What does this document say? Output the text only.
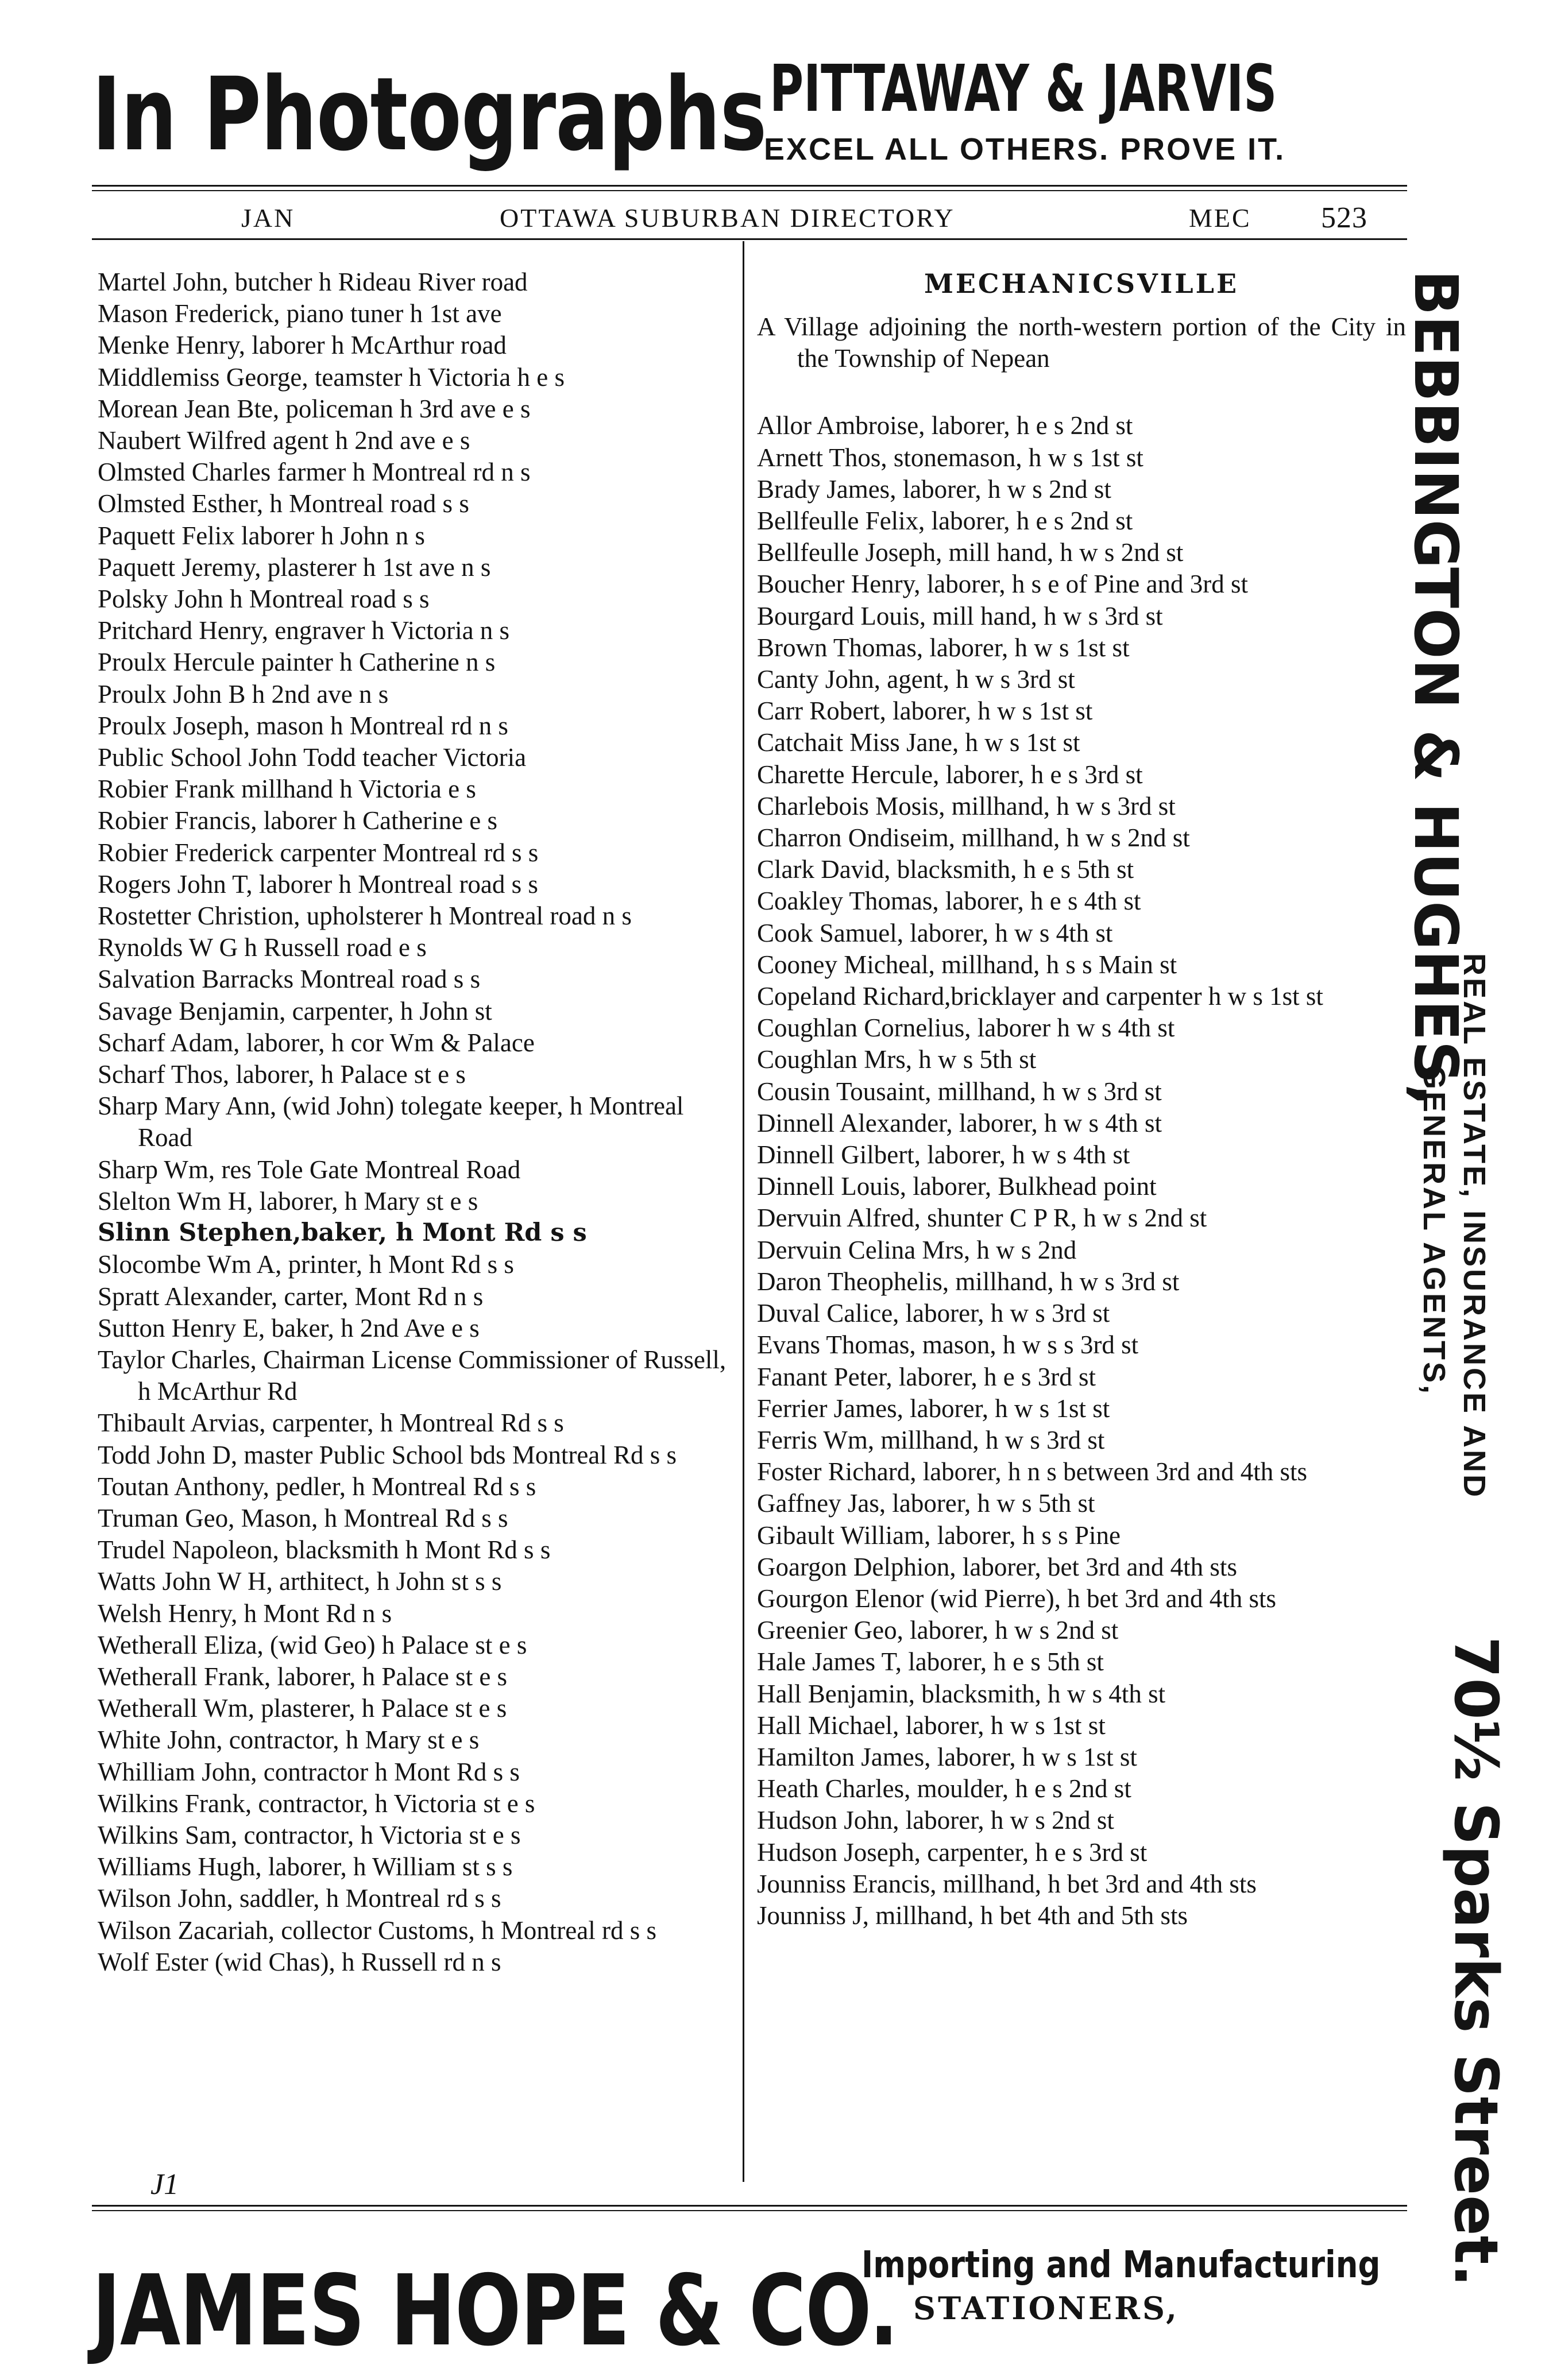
In Photographs PITTAWAY & JARVIS
EXCEL ALL OTHERS. PROVE IT.
JAN	OTTAWA SUBURBAN DIRECTORY	MEC 523
Martel John, butcher h Rideau River road
Mason Frederick, piano tuner h 1st ave
Menke Henry, laborer h McArthur road
Middlemiss George, teamster h Victoria h e s
Morean Jean Bte, policeman h 3rd ave e s
Naubert Wilfred agent h 2nd ave e s
Olmsted Charles farmer h Montreal rd n s
Olmsted Esther, h Montreal road s s
Paquett Felix laborer h John n s
Paquett Jeremy, plasterer h 1st ave n s
Polsky John h Montreal road s s
Pritchard Henry, engraver h Victoria n s
Proulx Hercule painter h Catherine n s
Proulx John B h 2nd ave n s
Proulx Joseph, mason h Montreal rd n s
Public School John Todd teacher Victoria
Robier Frank millhand h Victoria e s
Robier Francis, laborer h Catherine e s
Robier Frederick carpenter Montreal rd s s
Rogers John T, laborer h Montreal road s s
Rostetter Christion, upholsterer h Montreal road n s
Rynolds W G h Russell road e s
Salvation Barracks Montreal road s s
Savage Benjamin, carpenter, h John st
Scharf Adam, laborer, h cor Wm & Palace
Scharf Thos, laborer, h Palace st e s
Sharp Mary Ann, (wid John) tolegate keeper, h Montreal Road
Sharp Wm, res Tole Gate Montreal Road
Slelton Wm H, laborer, h Mary st e s
Slinn Stephen,baker, h Mont Rd s s
Slocombe Wm A, printer, h Mont Rd s s
Spratt Alexander, carter, Mont Rd n s
Sutton Henry E, baker, h 2nd Ave e s
Taylor Charles, Chairman License Commissioner of Russell, h McArthur Rd
Thibault Arvias, carpenter, h Montreal Rd s s
Todd John D, master Public School bds Montreal Rd s s
Toutan Anthony, pedler, h Montreal Rd s s
Truman Geo, Mason, h Montreal Rd s s
Trudel Napoleon, blacksmith h Mont Rd s s
Watts John W H, arthitect, h John st s s
Welsh Henry, h Mont Rd n s
Wetherall Eliza, (wid Geo) h Palace st e s
Wetherall Frank, laborer, h Palace st e s
Wetherall Wm, plasterer, h Palace st e s
White John, contractor, h Mary st e s
Whilliam John, contractor h Mont Rd s s
Wilkins Frank, contractor, h Victoria st e s
Wilkins Sam, contractor, h Victoria st e s
Williams Hugh, laborer, h William st s s
Wilson John, saddler, h Montreal rd s s
Wilson Zacariah, collector Customs, h Montreal rd s s
Wolf Ester (wid Chas), h Russell rd n s
MECHANICSVILLE
A Village adjoining the north-western portion of the City in the Township of Nepean
Allor Ambroise, laborer, h e s 2nd st
Arnett Thos, stonemason, h w s 1st st
Brady James, laborer, h w s 2nd st
Bellfeulle Felix, laborer, h e s 2nd st
Bellfeulle Joseph, mill hand, h w s 2nd st
Boucher Henry, laborer, h s e of Pine and 3rd st
Bourgard Louis, mill hand, h w s 3rd st
Brown Thomas, laborer, h w s 1st st
Canty John, agent, h w s 3rd st
Carr Robert, laborer, h w s 1st st
Catchait Miss Jane, h w s 1st st
Charette Hercule, laborer, h e s 3rd st
Charlebois Mosis, millhand, h w s 3rd st
Charron Ondiseim, millhand, h w s 2nd st
Clark David, blacksmith, h e s 5th st
Coakley Thomas, laborer, h e s 4th st
Cook Samuel, laborer, h w s 4th st
Cooney Micheal, millhand, h s s Main st
Copeland Richard,bricklayer and carpenter h w s 1st st
Coughlan Cornelius, laborer h w s 4th st
Coughlan Mrs, h w s 5th st
Cousin Tousaint, millhand, h w s 3rd st
Dinnell Alexander, laborer, h w s 4th st
Dinnell Gilbert, laborer, h w s 4th st
Dinnell Louis, laborer, Bulkhead point
Dervuin Alfred, shunter C P R, h w s 2nd st
Dervuin Celina Mrs, h w s 2nd
Daron Theophelis, millhand, h w s 3rd st
Duval Calice, laborer, h w s 3rd st
Evans Thomas, mason, h w s s 3rd st
Fanant Peter, laborer, h e s 3rd st
Ferrier James, laborer, h w s 1st st
Ferris Wm, millhand, h w s 3rd st
Foster Richard, laborer, h n s between 3rd and 4th sts
Gaffney Jas, laborer, h w s 5th st
Gibault William, laborer, h s s Pine
Goargon Delphion, laborer, bet 3rd and 4th sts
Gourgon Elenor (wid Pierre), h bet 3rd and 4th sts
Greenier Geo, laborer, h w s 2nd st
Hale James T, laborer, h e s 5th st
Hall Benjamin, blacksmith, h w s 4th st
Hall Michael, laborer, h w s 1st st
Hamilton James, laborer, h w s 1st st
Heath Charles, moulder, h e s 2nd st
Hudson John, laborer, h w s 2nd st
Hudson Joseph, carpenter, h e s 3rd st
Jounniss Erancis, millhand, h bet 3rd and 4th sts
Jounniss J, millhand, h bet 4th and 5th sts
BEBBINGTON & HUGHES,
REAL ESTATE, INSURANCE AND
GENERAL AGENTS,
70½ Sparks Street.
J1
JAMES HOPE & CO.
Importing and Manufacturing
STATIONERS,
